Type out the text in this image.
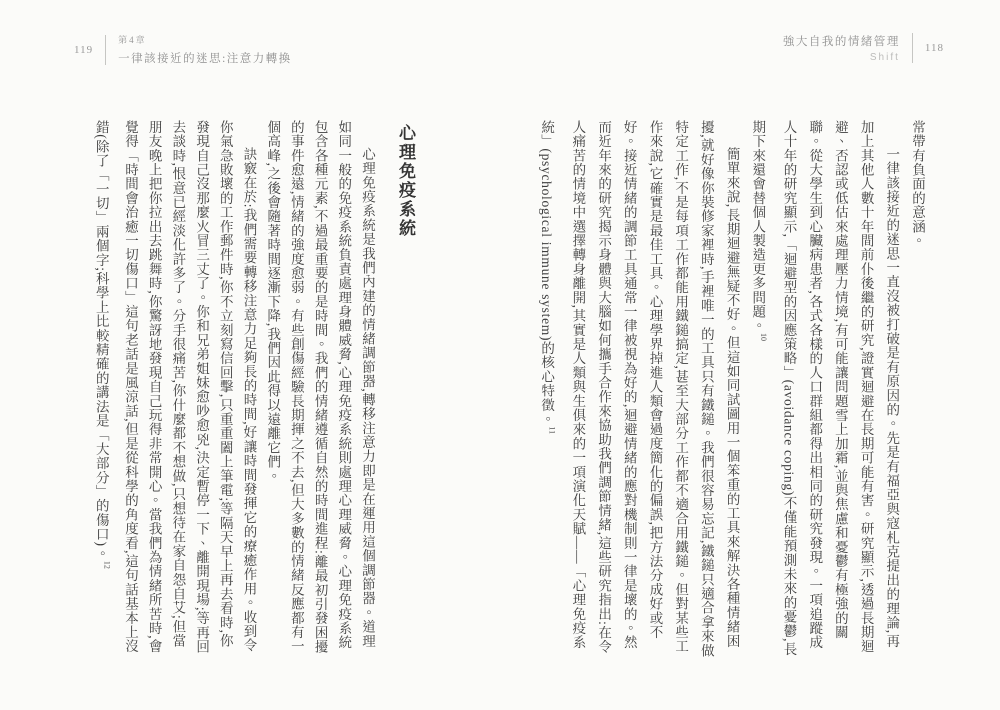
119
第4章
一律該接近的迷思:注意力轉換
強大自我的情緒管理
Shift
118

常帶有負面的意涵。

一律該接近的迷思一直沒被打破是有原因的。先是有福亞與寇札克提出的理論,再加上其他人數十年間前仆後繼的研究,證實迴避在長期可能有害。研究顯示,透過長期迴避、否認或低估來處理壓力情境,有可能讓問題雪上加霜,並與焦慮和憂鬱有極強的關聯。從大學生到心臟病患者,各式各樣的人口群組都得出相同的研究發現。一項追蹤成人十年的研究顯示,「迴避型的因應策略」(avoidance coping)不僅能預測未來的憂鬱,長期下來還會替個人製造更多問題。$^{10}$

簡單來說,長期迴避無疑不好。但這如同試圖用一個笨重的工具來解決各種情緒困擾,就好像你裝修家裡時,手裡唯一的工具只有鐵鎚。我們很容易忘記,鐵鎚只適合拿來做特定工作,不是每項工作都能用鐵鎚搞定,甚至大部分工作都不適合用鐵鎚。但對某些工作來說,它確實是最佳工具。心理學界掉進人類會過度簡化的偏誤,把方法分成好或不好。接近情緒的調節工具通常一律被視為好的,迴避情緒的應對機制則一律是壞的。然而近年來的研究揭示身體與大腦如何攜手合作來協助我們調節情緒,這些研究指出:在令人痛苦的情境中選擇轉身離開,其實是人類與生俱來的一項演化天賦——「心理免疫系統」(psychological immune system)的核心特徵。$^{11}$

心理免疫系統

心理免疫系統是我們內建的情緒調節器,轉移注意力即是在運用這個調節器。道理如同一般的免疫系統負責處理身體威脅,心理免疫系統則處理心理威脅。心理免疫系統包含各種元素,不過最重要的是時間。我們的情緒遵循自然的時間進程:離最初引發困擾的事件愈遠,情緒的強度愈弱。有些創傷經驗長期揮之不去,但大多數的情緒反應都有一個高峰,之後會隨著時間逐漸下降,我們因此得以遠離它們。

訣竅在於:我們需要轉移注意力足夠長的時間,好讓時間發揮它的療癒作用。收到令你氣急敗壞的工作郵件時,你不立刻寫信回擊,只重重闔上筆電;等隔天早上再去看時,你發現自己沒那麼火冒三丈了。你和兄弟姐妹愈吵愈兇,決定暫停一下、離開現場;等再回去談時,恨意已經淡化許多了。分手很痛苦,你什麼都不想做,只想待在家自怨自艾;但當朋友晚上把你拉出去跳舞時,你驚訝地發現自己玩得非常開心。當我們為情緒所苦時,會覺得「時間會治癒一切傷口」這句老話是風涼話,但是從科學的角度看,這句話基本上沒錯(除了「一切」兩個字;科學上比較精確的講法是「大部分」的傷口)。$^{12}$
